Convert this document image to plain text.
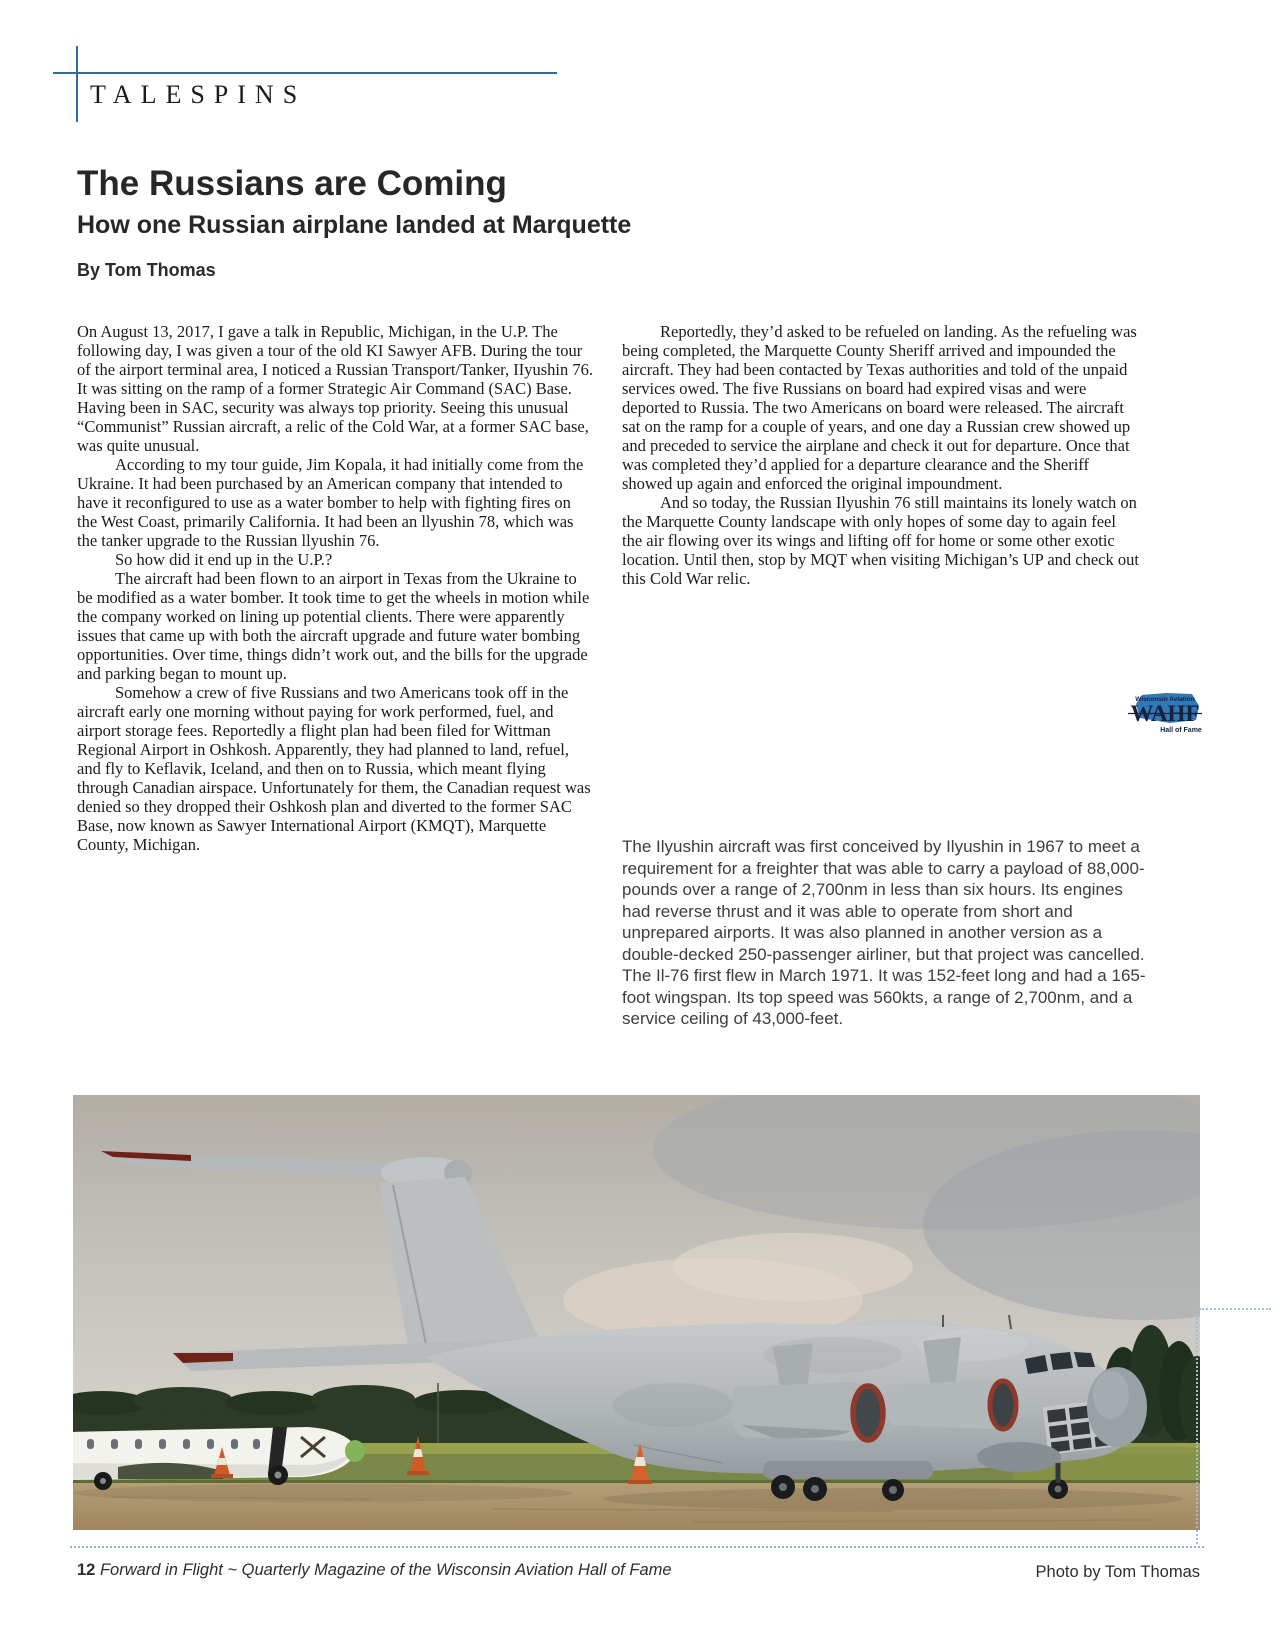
TALESPINS
The Russians are Coming
How one Russian airplane landed at Marquette
By Tom Thomas

On August 13, 2017, I gave a talk in Republic, Michigan, in the U.P. The following day, I was given a tour of the old KI Sawyer AFB. During the tour of the airport terminal area, I noticed a Russian Transport/Tanker, IIyushin 76. It was sitting on the ramp of a former Strategic Air Command (SAC) Base. Having been in SAC, security was always top priority. Seeing this unusual “Communist” Russian aircraft, a relic of the Cold War, at a former SAC base, was quite unusual.

According to my tour guide, Jim Kopala, it had initially come from the Ukraine. It had been purchased by an American company that intended to have it reconfigured to use as a water bomber to help with fighting fires on the West Coast, primarily California. It had been an llyushin 78, which was the tanker upgrade to the Russian llyushin 76.

So how did it end up in the U.P.?

The aircraft had been flown to an airport in Texas from the Ukraine to be modified as a water bomber. It took time to get the wheels in motion while the company worked on lining up potential clients. There were apparently issues that came up with both the aircraft upgrade and future water bombing opportunities. Over time, things didn’t work out, and the bills for the upgrade and parking began to mount up.

Somehow a crew of five Russians and two Americans took off in the aircraft early one morning without paying for work performed, fuel, and airport storage fees. Reportedly a flight plan had been filed for Wittman Regional Airport in Oshkosh. Apparently, they had planned to land, refuel, and fly to Keflavik, Iceland, and then on to Russia, which meant flying through Canadian airspace. Unfortunately for them, the Canadian request was denied so they dropped their Oshkosh plan and diverted to the former SAC Base, now known as Sawyer International Airport (KMQT), Marquette County, Michigan.

Reportedly, they’d asked to be refueled on landing. As the refueling was being completed, the Marquette County Sheriff arrived and impounded the aircraft. They had been contacted by Texas authorities and told of the unpaid services owed. The five Russians on board had expired visas and were deported to Russia. The two Americans on board were released. The aircraft sat on the ramp for a couple of years, and one day a Russian crew showed up and preceded to service the airplane and check it out for departure. Once that was completed they’d applied for a departure clearance and the Sheriff showed up again and enforced the original impoundment.

And so today, the Russian Ilyushin 76 still maintains its lonely watch on the Marquette County landscape with only hopes of some day to again feel the air flowing over its wings and lifting off for home or some other exotic location. Until then, stop by MQT when visiting Michigan’s UP and check out this Cold War relic.

Wisconsin Aviation
WAHF
Hall of Fame
The Ilyushin aircraft was first conceived by Ilyushin in 1967 to meet a requirement for a freighter that was able to carry a payload of 88,000-pounds over a range of 2,700nm in less than six hours. Its engines had reverse thrust and it was able to operate from short and unprepared airports. It was also planned in another version as a double-decked 250-passenger airliner, but that project was cancelled. The Il-76 first flew in March 1971. It was 152-feet long and had a 165-foot wingspan. Its top speed was 560kts, a range of 2,700nm, and a service ceiling of 43,000-feet.
12 Forward in Flight ~ Quarterly Magazine of the Wisconsin Aviation Hall of Fame	Photo by Tom Thomas
